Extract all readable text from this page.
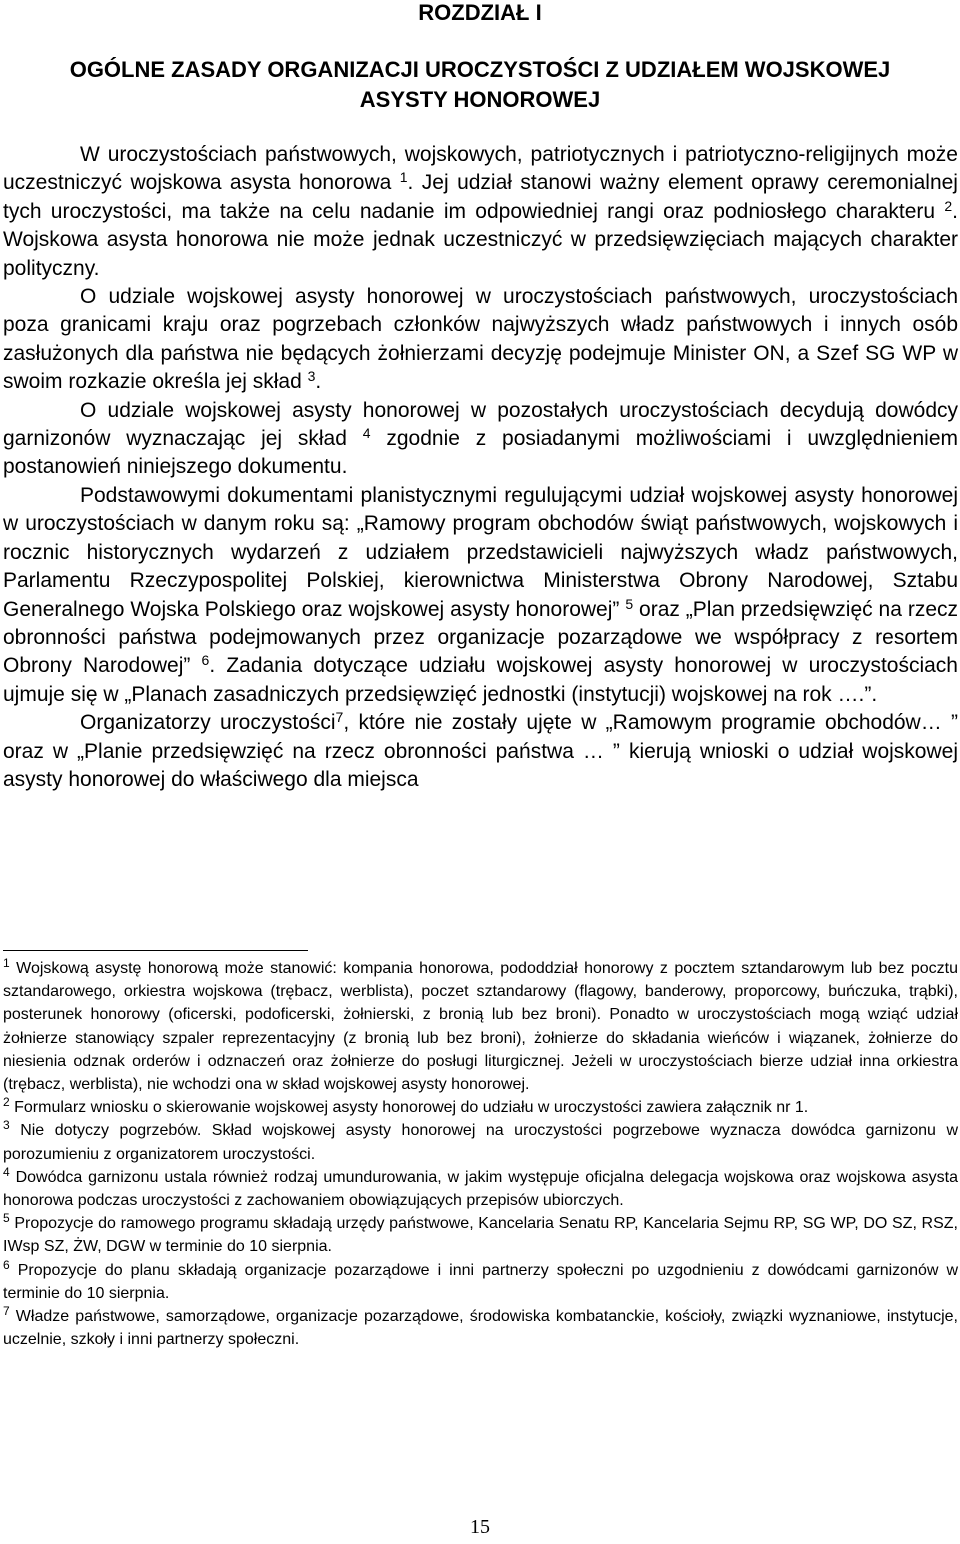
ROZDZIAŁ I
OGÓLNE ZASADY ORGANIZACJI UROCZYSTOŚCI Z UDZIAŁEM WOJSKOWEJ
ASYSTY HONOROWEJ

W uroczystościach państwowych, wojskowych, patriotycznych i patriotyczno-religijnych może uczestniczyć wojskowa asysta honorowa $^1$. Jej udział stanowi ważny element oprawy ceremonialnej tych uroczystości, ma także na celu nadanie im odpowiedniej rangi oraz podniosłego charakteru $^2$. Wojskowa asysta honorowa nie może jednak uczestniczyć w przedsięwzięciach mających charakter polityczny.

O udziale wojskowej asysty honorowej w uroczystościach państwowych, uroczystościach poza granicami kraju oraz pogrzebach członków najwyższych władz państwowych i innych osób zasłużonych dla państwa nie będących żołnierzami decyzję podejmuje Minister ON, a Szef SG WP w swoim rozkazie określa jej skład $^3$.

O udziale wojskowej asysty honorowej w pozostałych uroczystościach decydują dowódcy garnizonów wyznaczając jej skład $^4$ zgodnie z posiadanymi możliwościami i uwzględnieniem postanowień niniejszego dokumentu.

Podstawowymi dokumentami planistycznymi regulującymi udział wojskowej asysty honorowej w uroczystościach w danym roku są: „Ramowy program obchodów świąt państwowych, wojskowych i rocznic historycznych wydarzeń z udziałem przedstawicieli najwyższych władz państwowych, Parlamentu Rzeczypospolitej Polskiej, kierownictwa Ministerstwa Obrony Narodowej, Sztabu Generalnego Wojska Polskiego oraz wojskowej asysty honorowej” $^5$ oraz „Plan przedsięwzięć na rzecz obronności państwa podejmowanych przez organizacje pozarządowe we współpracy z resortem Obrony Narodowej” $^6$. Zadania dotyczące udziału wojskowej asysty honorowej w uroczystościach ujmuje się w „Planach zasadniczych przedsięwzięć jednostki (instytucji) wojskowej na rok ….”.

Organizatorzy uroczystości$^7$, które nie zostały ujęte w „Ramowym programie obchodów… ” oraz w „Planie przedsięwzięć na rzecz obronności państwa … ” kierują wnioski o udział wojskowej asysty honorowej do właściwego dla miejsca

$^1$ Wojskową asystę honorową może stanowić: kompania honorowa, pododdział honorowy z pocztem sztandarowym lub bez pocztu sztandarowego, orkiestra wojskowa (trębacz, werblista), poczet sztandarowy (flagowy, banderowy, proporcowy, buńczuka, trąbki), posterunek honorowy (oficerski, podoficerski, żołnierski, z bronią lub bez broni). Ponadto w uroczystościach mogą wziąć udział żołnierze stanowiący szpaler reprezentacyjny (z bronią lub bez broni), żołnierze do składania wieńców i wiązanek, żołnierze do niesienia odznak orderów i odznaczeń oraz żołnierze do posługi liturgicznej. Jeżeli w uroczystościach bierze udział inna orkiestra (trębacz, werblista), nie wchodzi ona w skład wojskowej asysty honorowej.

$^2$ Formularz wniosku o skierowanie wojskowej asysty honorowej do udziału w uroczystości zawiera załącznik nr 1.

$^3$ Nie dotyczy pogrzebów. Skład wojskowej asysty honorowej na uroczystości pogrzebowe wyznacza dowódca garnizonu w porozumieniu z organizatorem uroczystości.

$^4$ Dowódca garnizonu ustala również rodzaj umundurowania, w jakim występuje oficjalna delegacja wojskowa oraz wojskowa asysta honorowa podczas uroczystości z zachowaniem obowiązujących przepisów ubiorczych.

$^5$ Propozycje do ramowego programu składają urzędy państwowe, Kancelaria Senatu RP, Kancelaria Sejmu RP, SG WP, DO SZ, RSZ, IWsp SZ, ŻW, DGW w terminie do 10 sierpnia.

$^6$ Propozycje do planu składają organizacje pozarządowe i inni partnerzy społeczni po uzgodnieniu z dowódcami garnizonów w terminie do 10 sierpnia.

$^7$ Władze państwowe, samorządowe, organizacje pozarządowe, środowiska kombatanckie, kościoły, związki wyznaniowe, instytucje, uczelnie, szkoły i inni partnerzy społeczni.

15
